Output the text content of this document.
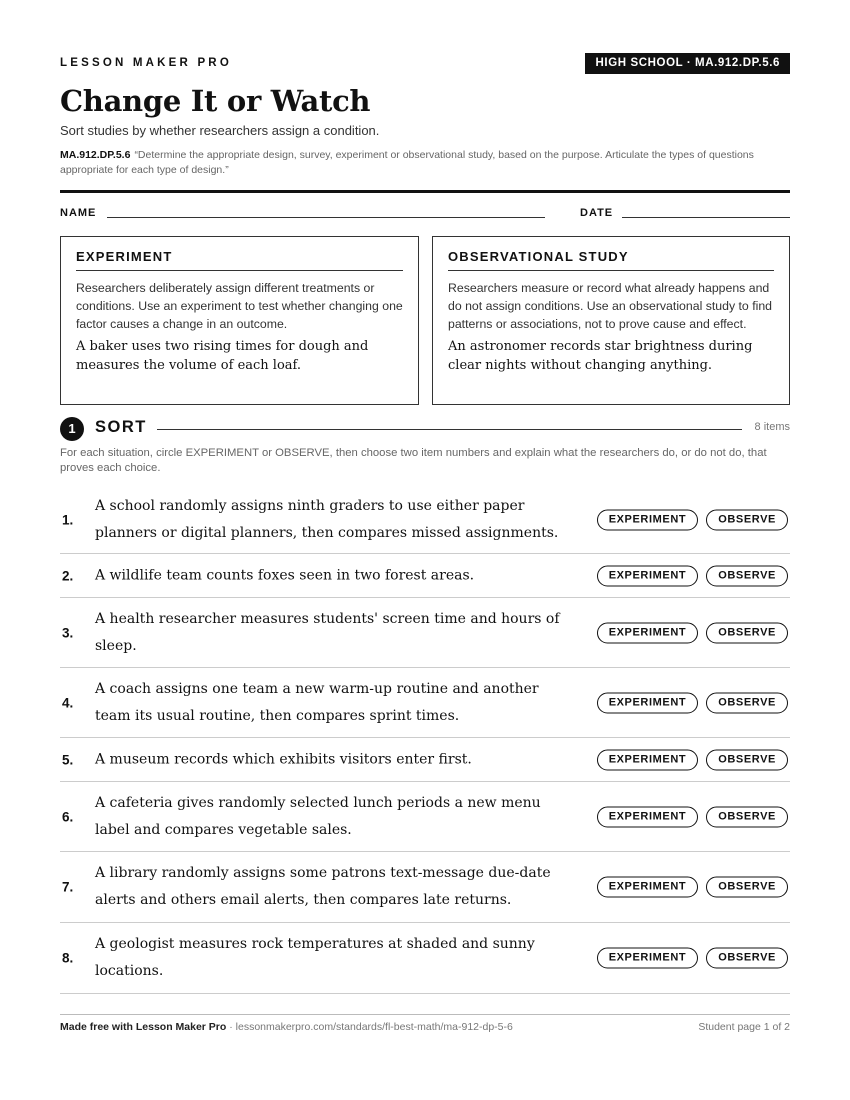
LESSON MAKER PRO	HIGH SCHOOL · MA.912.DP.5.6
Change It or Watch
Sort studies by whether researchers assign a condition.
MA.912.DP.5.6 “Determine the appropriate design, survey, experiment or observational study, based on the purpose. Articulate the types of questions appropriate for each type of design.”
NAME	DATE
EXPERIMENT
Researchers deliberately assign different treatments or conditions. Use an experiment to test whether changing one factor causes a change in an outcome.
A baker uses two rising times for dough and measures the volume of each loaf.
OBSERVATIONAL STUDY
Researchers measure or record what already happens and do not assign conditions. Use an observational study to find patterns or associations, not to prove cause and effect.
An astronomer records star brightness during clear nights without changing anything.
1	SORT	8 items
For each situation, circle EXPERIMENT or OBSERVE, then choose two item numbers and explain what the researchers do, or do not do, that proves each choice.
1.
A school randomly assigns ninth graders to use either paper planners or digital planners, then compares missed assignments.
EXPERIMENT	OBSERVE
2. A wildlife team counts foxes seen in two forest areas.	EXPERIMENT	OBSERVE
3.
A health researcher measures students' screen time and hours of sleep.
EXPERIMENT	OBSERVE
4.
A coach assigns one team a new warm-up routine and another team its usual routine, then compares sprint times.
EXPERIMENT	OBSERVE
5. A museum records which exhibits visitors enter first.	EXPERIMENT	OBSERVE
6.
A cafeteria gives randomly selected lunch periods a new menu label and compares vegetable sales.
EXPERIMENT	OBSERVE
7.
A library randomly assigns some patrons text-message due-date alerts and others email alerts, then compares late returns.
EXPERIMENT	OBSERVE
8.
A geologist measures rock temperatures at shaded and sunny locations.
EXPERIMENT	OBSERVE
Made free with Lesson Maker Pro · lessonmakerpro.com/standards/fl-best-math/ma-912-dp-5-6	Student page 1 of 2
